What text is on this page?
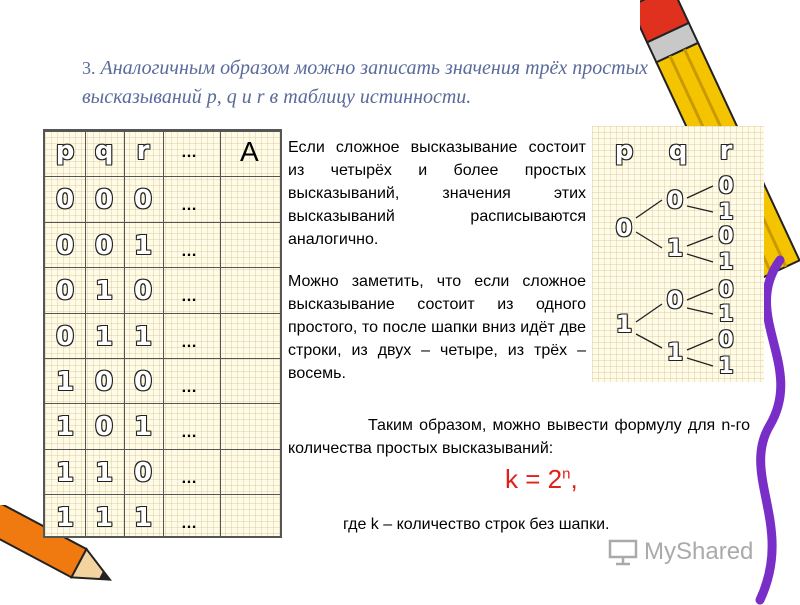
3. Аналогичным образом можно записать значения трёх простых высказываний p, q и r в таблицу истинности.

p q r	… A
0 0 0	…
0 0 1	…
0 1 0	…
0 1 1	…
1 0 0	…
1 0 1	…
1 1 0	…
1 1 1	…

Если сложное высказывание состоит из четырёх и более простых высказываний, значения этих высказываний расписываются аналогично.

Можно заметить, что если сложное высказывание состоит из одного простого, то после шапки вниз идёт две строки, из двух – четыре, из трёх – восемь.

Таким образом, можно вывести формулу для n-го количества простых высказываний:

$k = 2^n$,

где k – количество строк без шапки.

p q r
0
1
0
1
0
1
0
1
0
1
0
1
0
1
MyShared
